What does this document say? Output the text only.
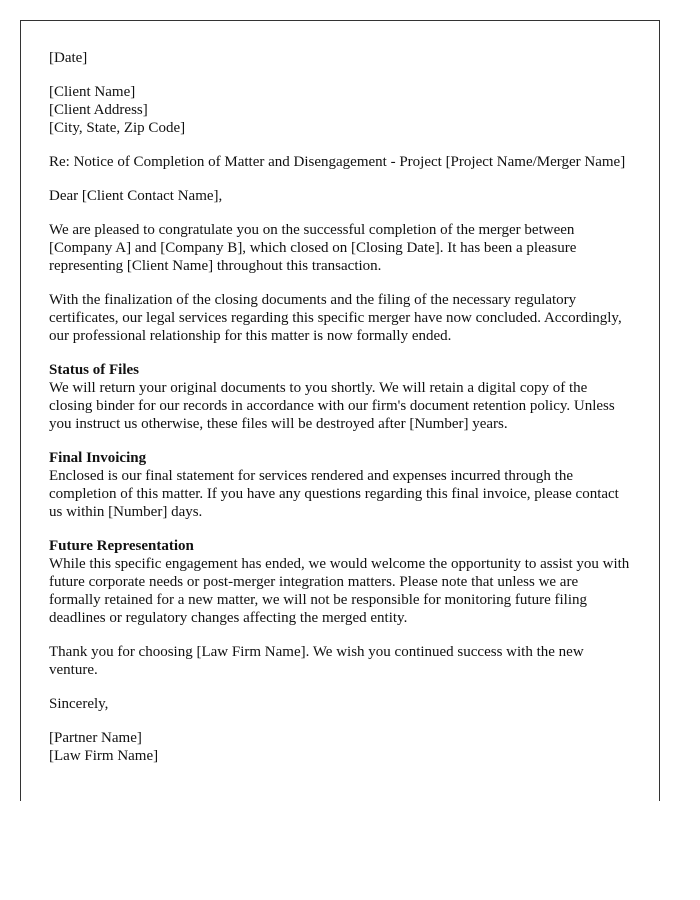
[Date]

[Client Name]
[Client Address]
[City, State, Zip Code]

Re: Notice of Completion of Matter and Disengagement - Project [Project Name/Merger Name]

Dear [Client Contact Name],

We are pleased to congratulate you on the successful completion of the merger between [Company A] and [Company B], which closed on [Closing Date]. It has been a pleasure representing [Client Name] throughout this transaction.

With the finalization of the closing documents and the filing of the necessary regulatory certificates, our legal services regarding this specific merger have now concluded. Accordingly, our professional relationship for this matter is now formally ended.

Status of Files
We will return your original documents to you shortly. We will retain a digital copy of the closing binder for our records in accordance with our firm's document retention policy. Unless you instruct us otherwise, these files will be destroyed after [Number] years.
Final Invoicing
Enclosed is our final statement for services rendered and expenses incurred through the completion of this matter. If you have any questions regarding this final invoice, please contact us within [Number] days.
Future Representation
While this specific engagement has ended, we would welcome the opportunity to assist you with future corporate needs or post-merger integration matters. Please note that unless we are formally retained for a new matter, we will not be responsible for monitoring future filing deadlines or regulatory changes affecting the merged entity.

Thank you for choosing [Law Firm Name]. We wish you continued success with the new venture.

Sincerely,

[Partner Name]
[Law Firm Name]
